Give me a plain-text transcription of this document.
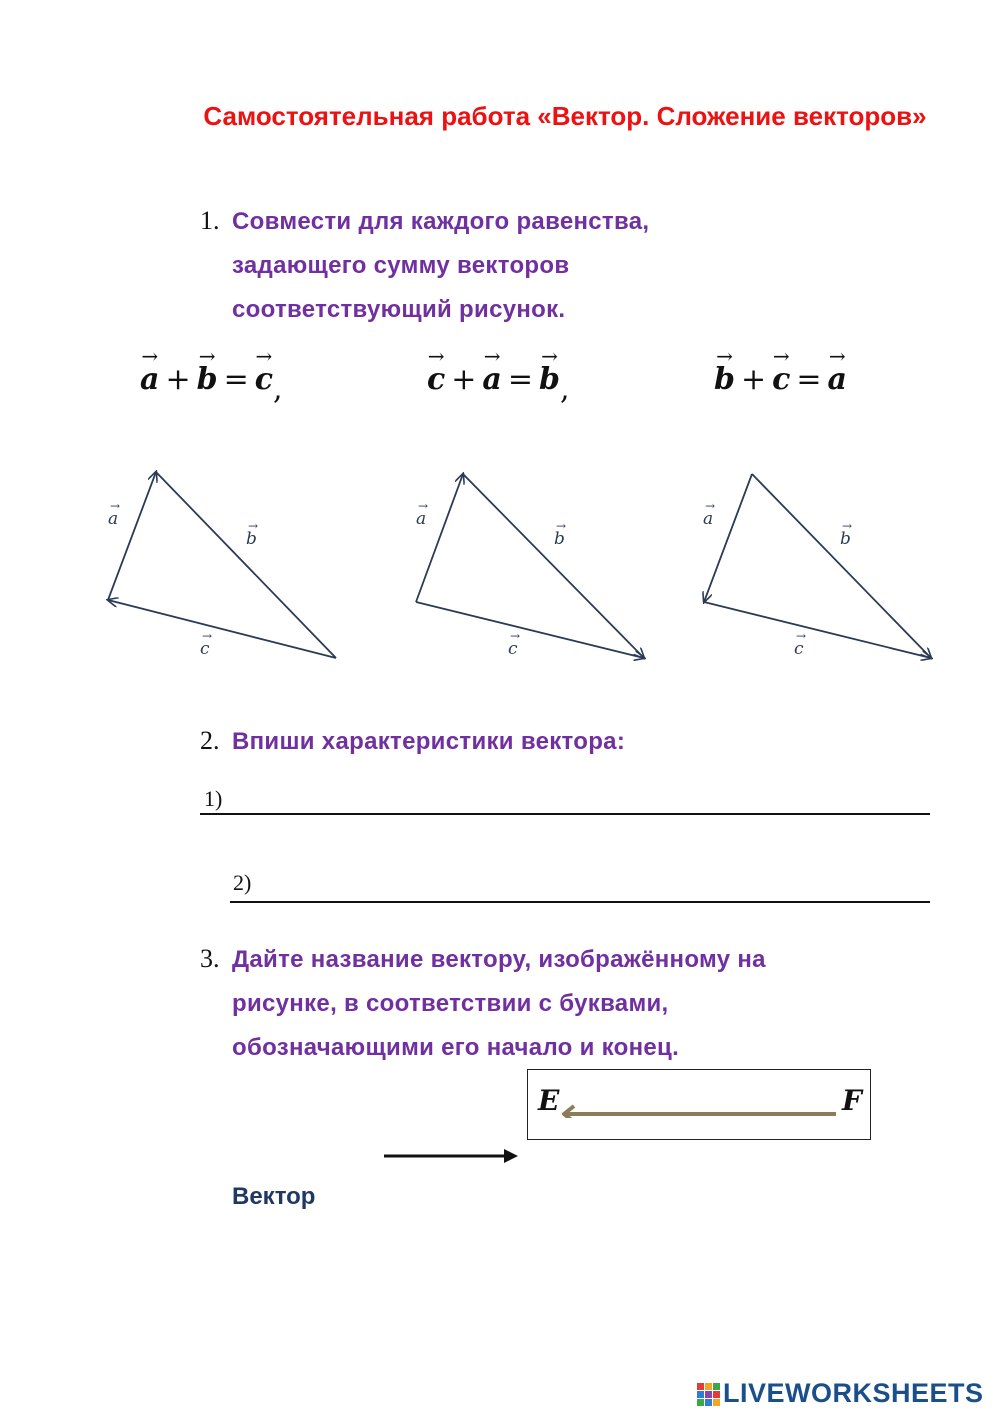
Самостоятельная работа «Вектор. Сложение векторов»
1. Совмести для каждого равенства,
задающего сумму векторов
соответствующий рисунок.
→ a + → b = → c,	→ c + → a = → b,	→ b + → c = → a
a
b
c
→
→
→
a
b
c
→
→
→
a
b
c
→
→
→
2. Впиши характеристики вектора:
1)
2)
3. Дайте название вектору, изображённому на
рисунке, в соответствии с буквами,
обозначающими его начало и конец.
E	F
Вектор
LIVEWORKSHEETS
